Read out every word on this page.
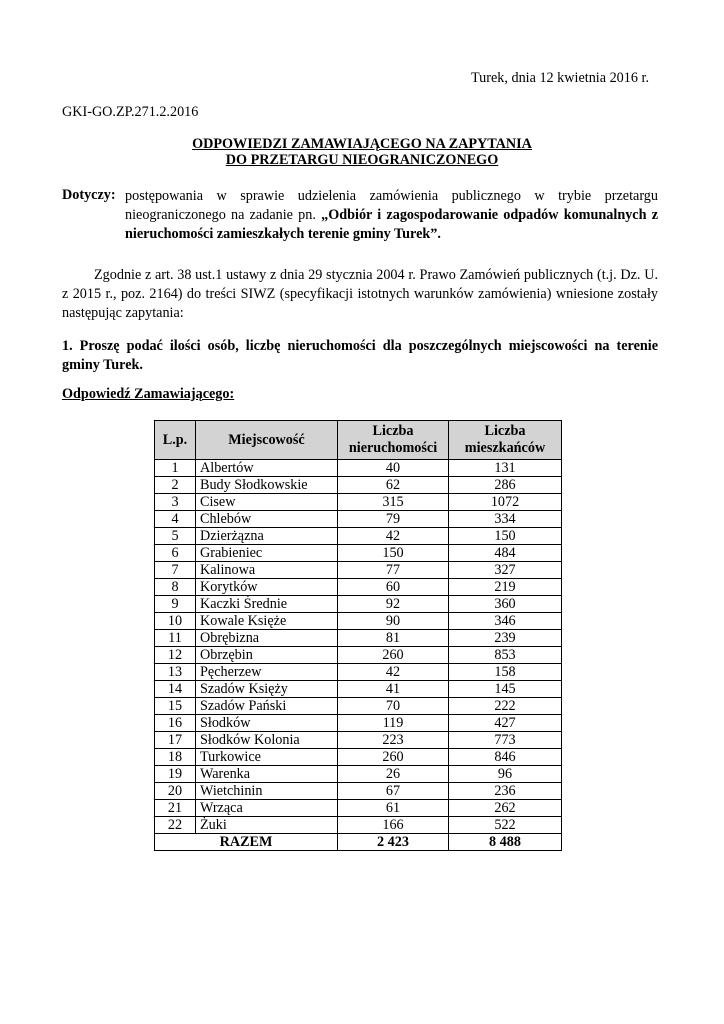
Turek, dnia 12 kwietnia 2016 r.
GKI-GO.ZP.271.2.2016
ODPOWIEDZI ZAMAWIAJĄCEGO NA ZAPYTANIA
DO PRZETARGU NIEOGRANICZONEGO
Dotyczy: postępowania w sprawie udzielenia zamówienia publicznego w trybie przetargu nieograniczonego na zadanie pn. „Odbiór i zagospodarowanie odpadów komunalnych z nieruchomości zamieszkałych terenie gminy Turek”.
Zgodnie z art. 38 ust.1 ustawy z dnia 29 stycznia 2004 r. Prawo Zamówień publicznych (t.j. Dz. U. z 2015 r., poz. 2164) do treści SIWZ (specyfikacji istotnych warunków zamówienia) wniesione zostały następując zapytania:
1. Proszę podać ilości osób, liczbę nieruchomości dla poszczególnych miejscowości na terenie gminy Turek.
Odpowiedź Zamawiającego:
L.p.	Miejscowość	Liczba nieruchomości	Liczba mieszkańców
1	Albertów	40	131
2	Budy Słodkowskie	62	286
3	Cisew	315	1072
4	Chlebów	79	334
5	Dzierżązna	42	150
6	Grabieniec	150	484
7	Kalinowa	77	327
8	Korytków	60	219
9	Kaczki Średnie	92	360
10	Kowale Księże	90	346
11	Obrębizna	81	239
12	Obrzębin	260	853
13	Pęcherzew	42	158
14	Szadów Księży	41	145
15	Szadów Pański	70	222
16	Słodków	119	427
17	Słodków Kolonia	223	773
18	Turkowice	260	846
19	Warenka	26	96
20	Wietchinin	67	236
21	Wrząca	61	262
22	Żuki	166	522
RAZEM		2 423	8 488
